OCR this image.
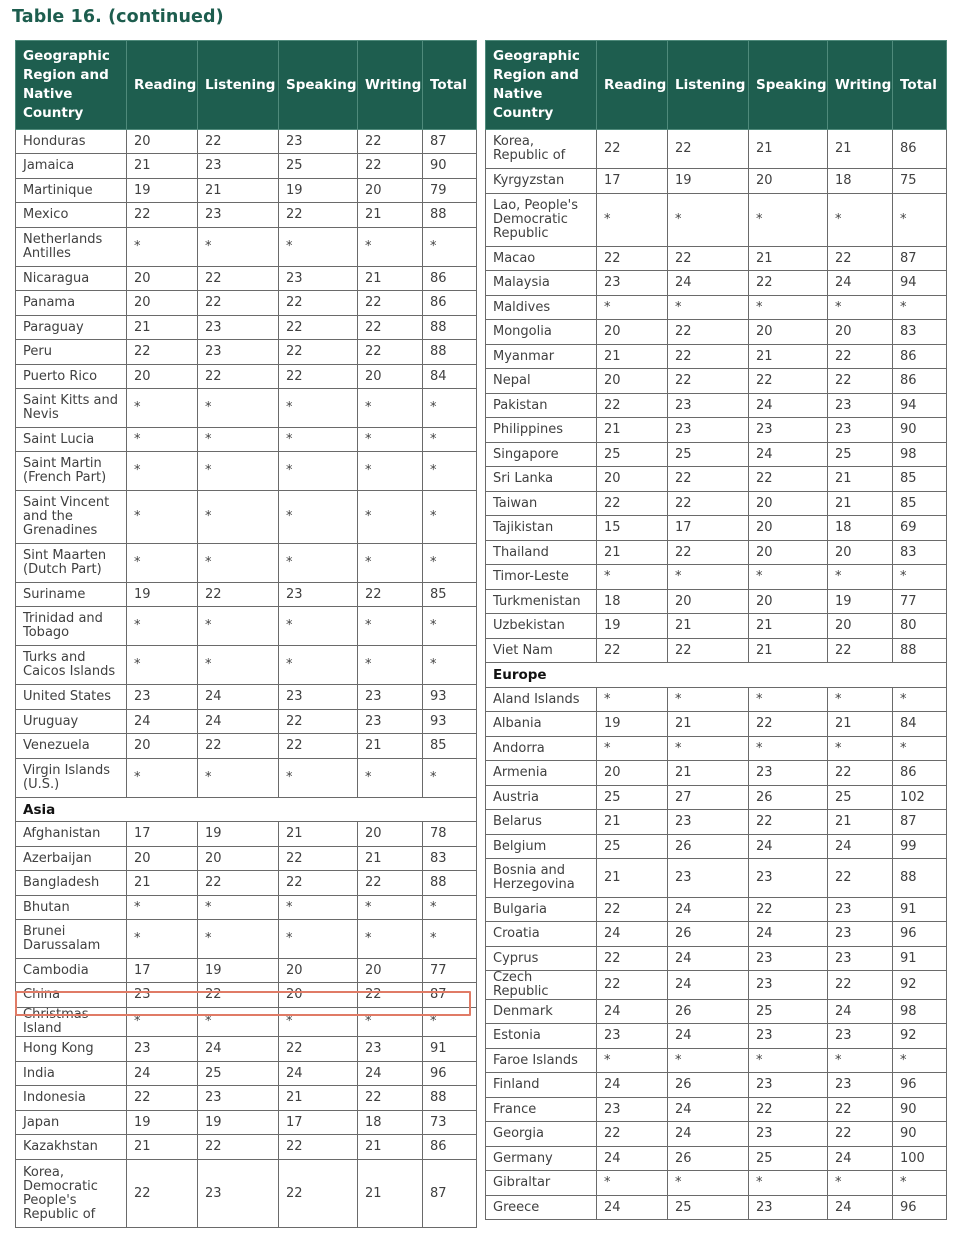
Table 16. (continued)
Geographic Region and Native Country	Reading	Listening	Speaking	Writing	Total
Honduras	20	22	23	22	87
Jamaica	21	23	25	22	90
Martinique	19	21	19	20	79
Mexico	22	23	22	21	88
Netherlands Antilles	*	*	*	*	*
Nicaragua	20	22	23	21	86
Panama	20	22	22	22	86
Paraguay	21	23	22	22	88
Peru	22	23	22	22	88
Puerto Rico	20	22	22	20	84
Saint Kitts and Nevis	*	*	*	*	*
Saint Lucia	*	*	*	*	*
Saint Martin (French Part)	*	*	*	*	*
Saint Vincent and the Grenadines	*	*	*	*	*
Sint Maarten (Dutch Part)	*	*	*	*	*
Suriname	19	22	23	22	85
Trinidad and Tobago	*	*	*	*	*
Turks and Caicos Islands	*	*	*	*	*
United States	23	24	23	23	93
Uruguay	24	24	22	23	93
Venezuela	20	22	22	21	85
Virgin Islands (U.S.)	*	*	*	*	*
Asia					
Afghanistan	17	19	21	20	78
Azerbaijan	20	20	22	21	83
Bangladesh	21	22	22	22	88
Bhutan	*	*	*	*	*
Brunei Darussalam	*	*	*	*	*
Cambodia	17	19	20	20	77
China	23	22	20	22	87
Christmas Island	*	*	*	*	*
Hong Kong	23	24	22	23	91
India	24	25	24	24	96
Indonesia	22	23	21	22	88
Japan	19	19	17	18	73
Kazakhstan	21	22	22	21	86
Korea, Democratic People's Republic of	22	23	22	21	87
Geographic Region and Native Country	Reading	Listening	Speaking	Writing	Total
Korea, Republic of	22	22	21	21	86
Kyrgyzstan	17	19	20	18	75
Lao, People's Democratic Republic	*	*	*	*	*
Macao	22	22	21	22	87
Malaysia	23	24	22	24	94
Maldives	*	*	*	*	*
Mongolia	20	22	20	20	83
Myanmar	21	22	21	22	86
Nepal	20	22	22	22	86
Pakistan	22	23	24	23	94
Philippines	21	23	23	23	90
Singapore	25	25	24	25	98
Sri Lanka	20	22	22	21	85
Taiwan	22	22	20	21	85
Tajikistan	15	17	20	18	69
Thailand	21	22	20	20	83
Timor-Leste	*	*	*	*	*
Turkmenistan	18	20	20	19	77
Uzbekistan	19	21	21	20	80
Viet Nam	22	22	21	22	88
Europe					
Aland Islands	*	*	*	*	*
Albania	19	21	22	21	84
Andorra	*	*	*	*	*
Armenia	20	21	23	22	86
Austria	25	27	26	25	102
Belarus	21	23	22	21	87
Belgium	25	26	24	24	99
Bosnia and Herzegovina	21	23	23	22	88
Bulgaria	22	24	22	23	91
Croatia	24	26	24	23	96
Cyprus	22	24	23	23	91
Czech Republic	22	24	23	22	92
Denmark	24	26	25	24	98
Estonia	23	24	23	23	92
Faroe Islands	*	*	*	*	*
Finland	24	26	23	23	96
France	23	24	22	22	90
Georgia	22	24	23	22	90
Germany	24	26	25	24	100
Gibraltar	*	*	*	*	*
Greece	24	25	23	24	96
